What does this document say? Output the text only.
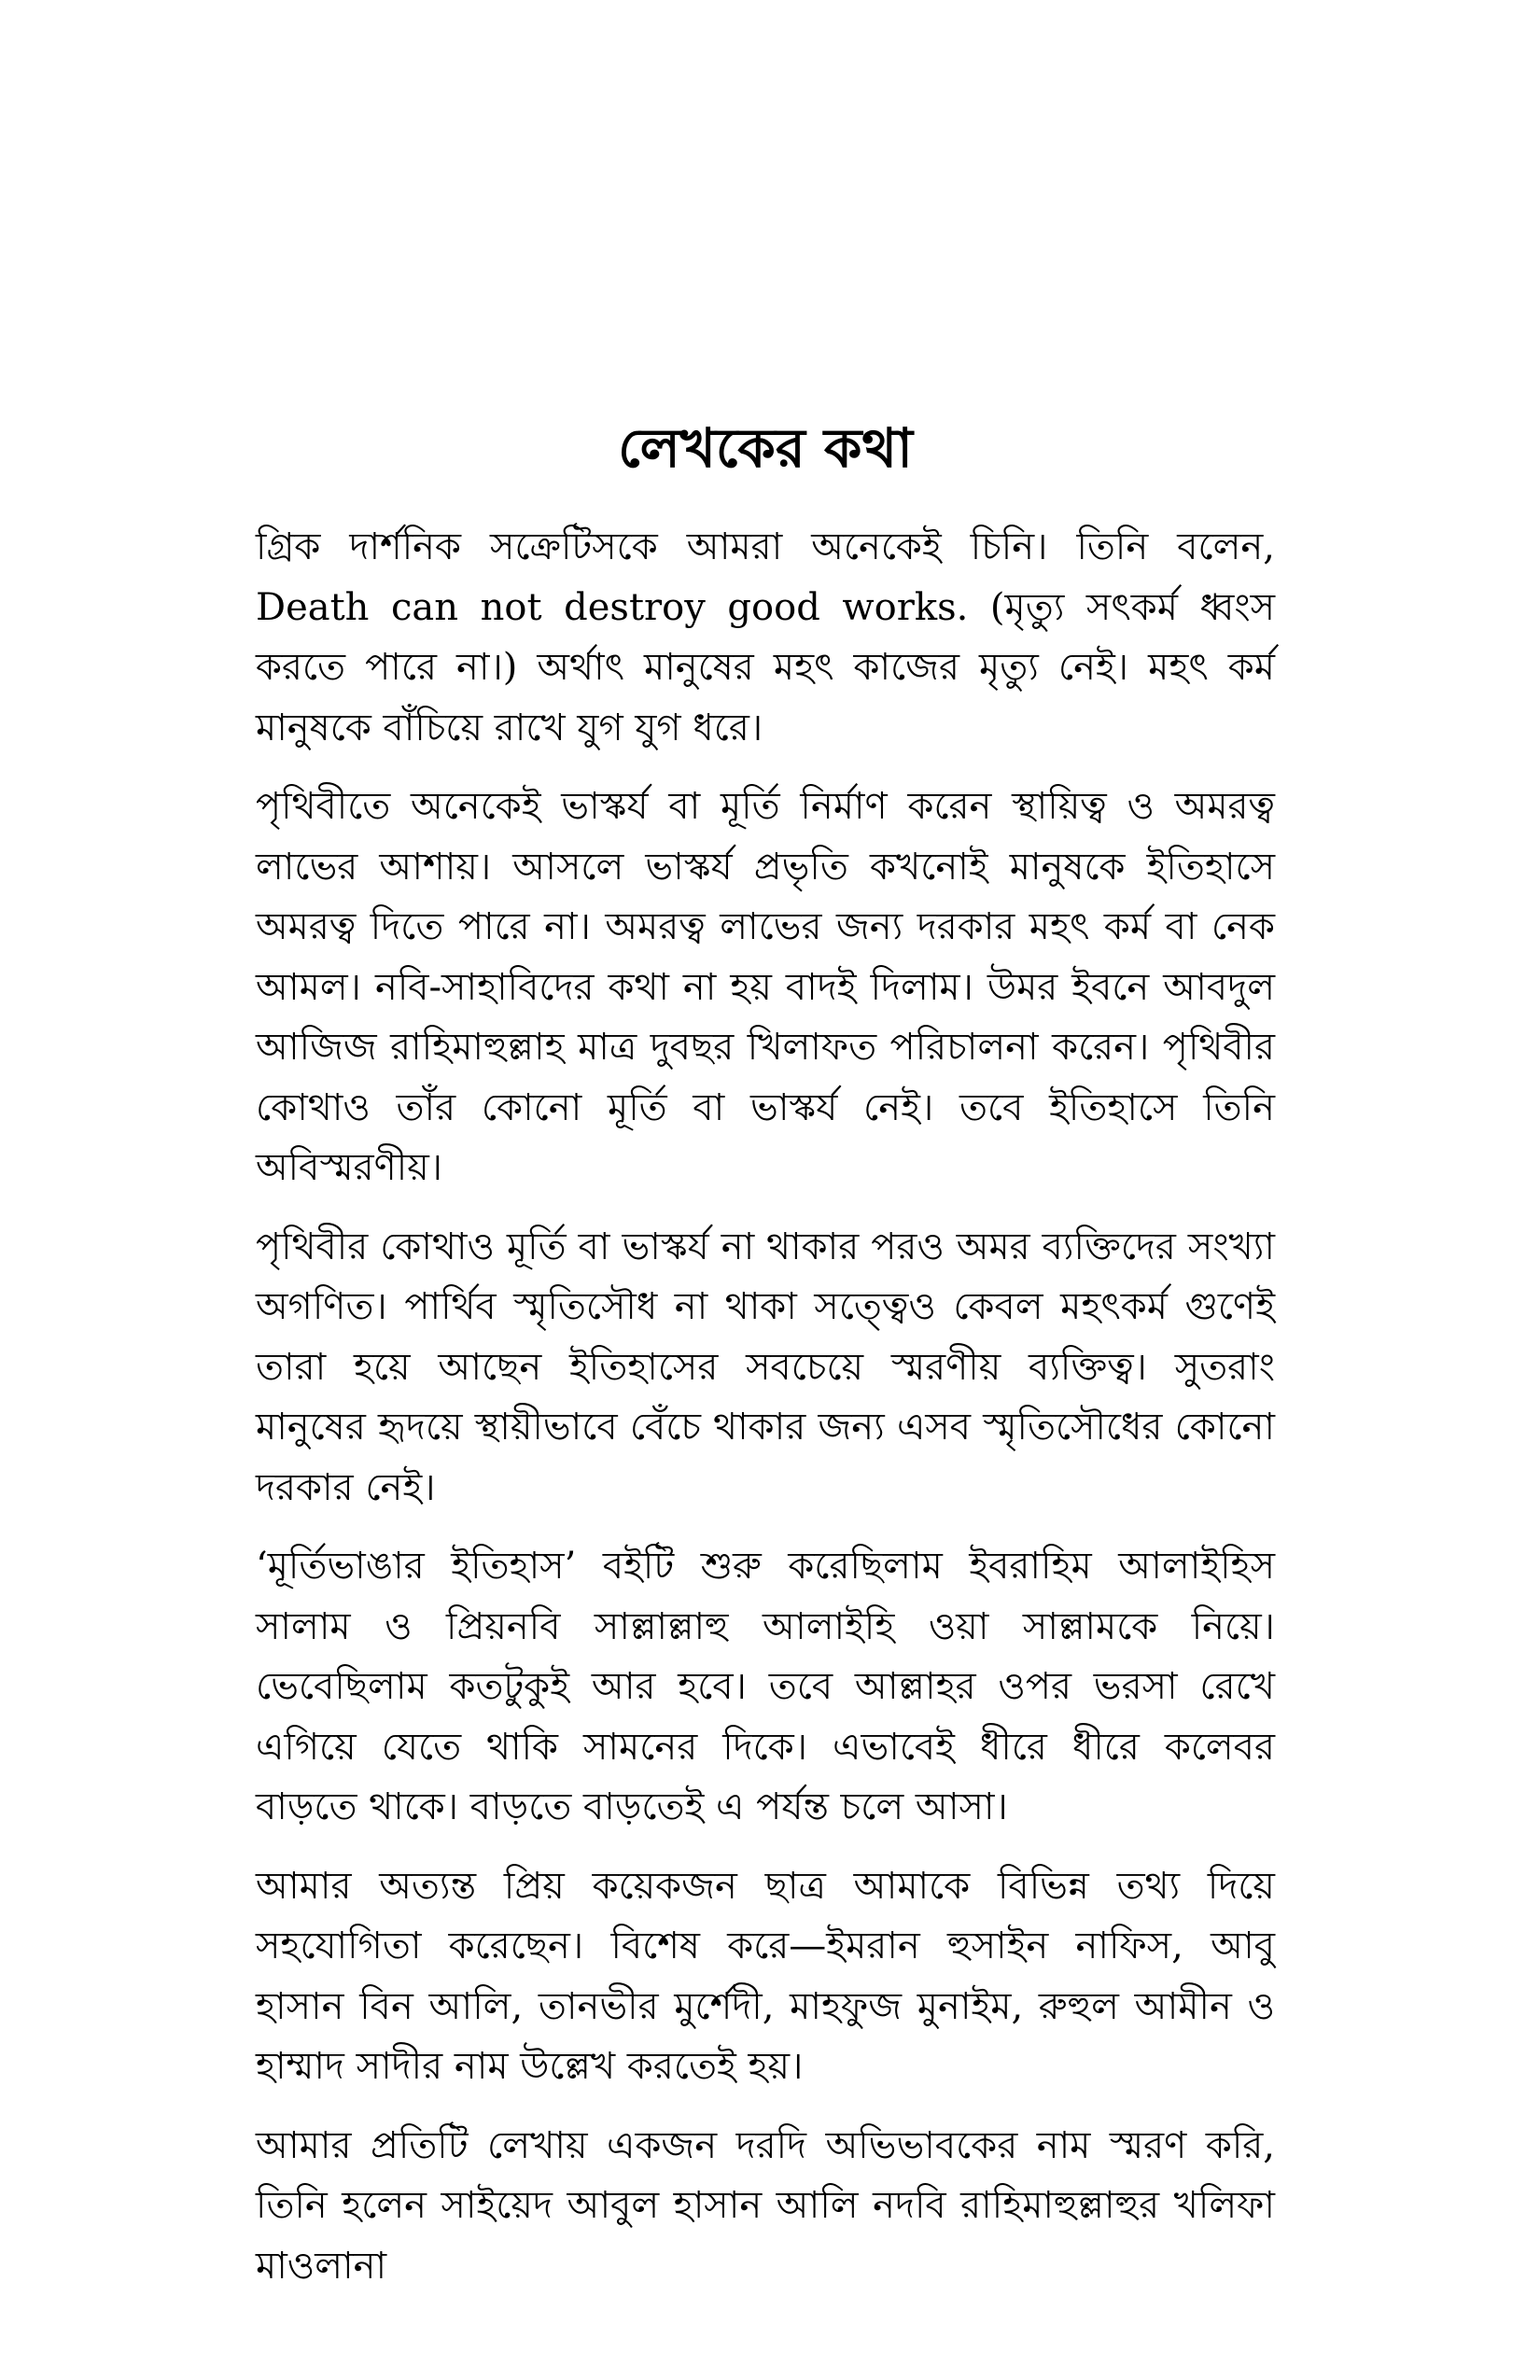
লেখকের কথা

গ্রিক দার্শনিক সক্রেটিসকে আমরা অনেকেই চিনি। তিনি বলেন, Death can not destroy good works. (মৃত্যু সৎকর্ম ধ্বংস করতে পারে না।) অর্থাৎ মানুষের মহৎ কাজের মৃত্যু নেই। মহৎ কর্ম মানুষকে বাঁচিয়ে রাখে যুগ যুগ ধরে।

পৃথিবীতে অনেকেই ভাস্কর্য বা মূর্তি নির্মাণ করেন স্থায়িত্ব ও অমরত্ব লাভের আশায়। আসলে ভাস্কর্য প্রভৃতি কখনোই মানুষকে ইতিহাসে অমরত্ব দিতে পারে না। অমরত্ব লাভের জন্য দরকার মহৎ কর্ম বা নেক আমল। নবি-সাহাবিদের কথা না হয় বাদই দিলাম। উমর ইবনে আবদুল আজিজ রাহিমাহুল্লাহ মাত্র দুবছর খিলাফত পরিচালনা করেন। পৃথিবীর কোথাও তাঁর কোনো মূর্তি বা ভাস্কর্য নেই। তবে ইতিহাসে তিনি অবিস্মরণীয়।

পৃথিবীর কোথাও মূর্তি বা ভাস্কর্য না থাকার পরও অমর ব্যক্তিদের সংখ্যা অগণিত। পার্থিব স্মৃতিসৌধ না থাকা সত্ত্বেও কেবল মহৎকর্ম গুণেই তারা হয়ে আছেন ইতিহাসের সবচেয়ে স্মরণীয় ব্যক্তিত্ব। সুতরাং মানুষের হৃদয়ে স্থায়ীভাবে বেঁচে থাকার জন্য এসব স্মৃতিসৌধের কোনো দরকার নেই।

‘মূর্তিভাঙার ইতিহাস’ বইটি শুরু করেছিলাম ইবরাহিম আলাইহিস সালাম ও প্রিয়নবি সাল্লাল্লাহু আলাইহি ওয়া সাল্লামকে নিয়ে। ভেবেছিলাম কতটুকুই আর হবে। তবে আল্লাহর ওপর ভরসা রেখে এগিয়ে যেতে থাকি সামনের দিকে। এভাবেই ধীরে ধীরে কলেবর বাড়তে থাকে। বাড়তে বাড়তেই এ পর্যন্ত চলে আসা।

আমার অত্যন্ত প্রিয় কয়েকজন ছাত্র আমাকে বিভিন্ন তথ্য দিয়ে সহযোগিতা করেছেন। বিশেষ করে—ইমরান হুসাইন নাফিস, আবু হাসান বিন আলি, তানভীর মুর্শেদী, মাহফুজ মুনাইম, রুহুল আমীন ও হাম্মাদ সাদীর নাম উল্লেখ করতেই হয়।

আমার প্রতিটি লেখায় একজন দরদি অভিভাবকের নাম স্মরণ করি, তিনি হলেন সাইয়েদ আবুল হাসান আলি নদবি রাহিমাহুল্লাহুর খলিফা মাওলানা
